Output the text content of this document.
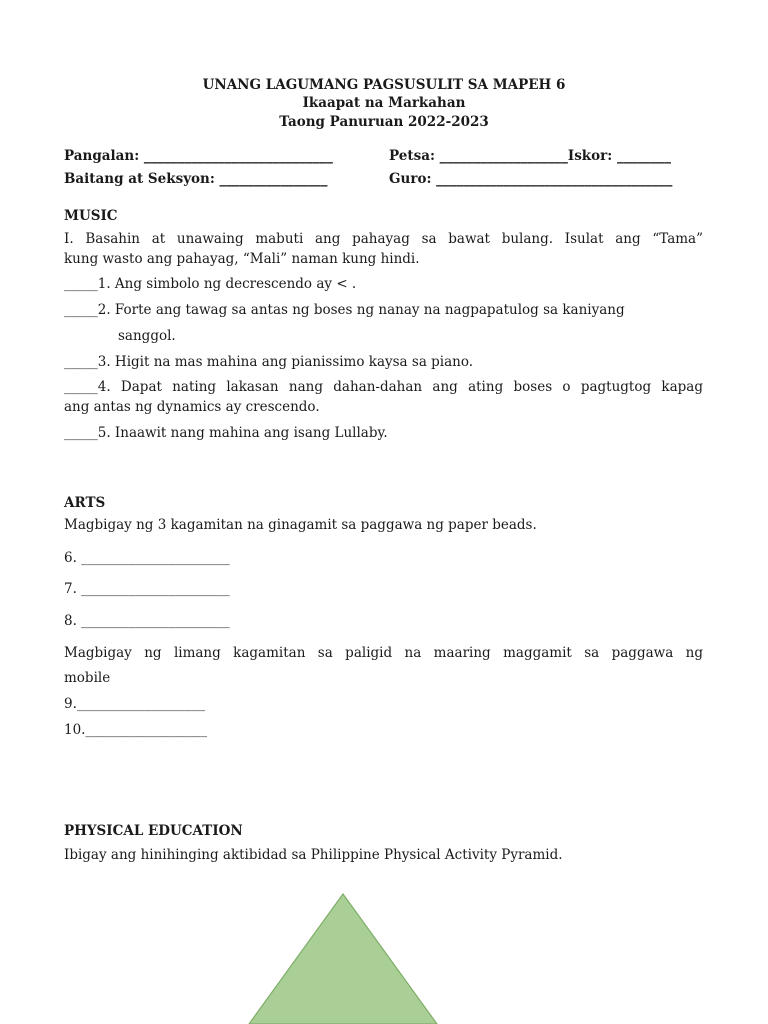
UNANG LAGUMANG PAGSUSULIT SA MAPEH 6
Ikaapat na Markahan
Taong Panuruan 2022-2023
Pangalan: ____________________________	Petsa: ___________________Iskor: ________
Baitang at Seksyon: ________________	Guro: ___________________________________
MUSIC
I. Basahin at unawaing mabuti ang pahayag sa bawat bulang. Isulat ang “Tama”
kung wasto ang pahayag, “Mali” naman kung hindi.
_____1. Ang simbolo ng decrescendo ay < .
_____2. Forte ang tawag sa antas ng boses ng nanay na nagpapatulog sa kaniyang
sanggol.
_____3. Higit na mas mahina ang pianissimo kaysa sa piano.
_____4. Dapat nating lakasan nang dahan-dahan ang ating boses o pagtugtog kapag
ang antas ng dynamics ay crescendo.
_____5. Inaawit nang mahina ang isang Lullaby.
ARTS
Magbigay ng 3 kagamitan na ginagamit sa paggawa ng paper beads.
6. ______________________
7. ______________________
8. ______________________
Magbigay ng limang kagamitan sa paligid na maaring maggamit sa paggawa ng
mobile
9.___________________
10.__________________
PHYSICAL EDUCATION
Ibigay ang hinihinging aktibidad sa Philippine Physical Activity Pyramid.
